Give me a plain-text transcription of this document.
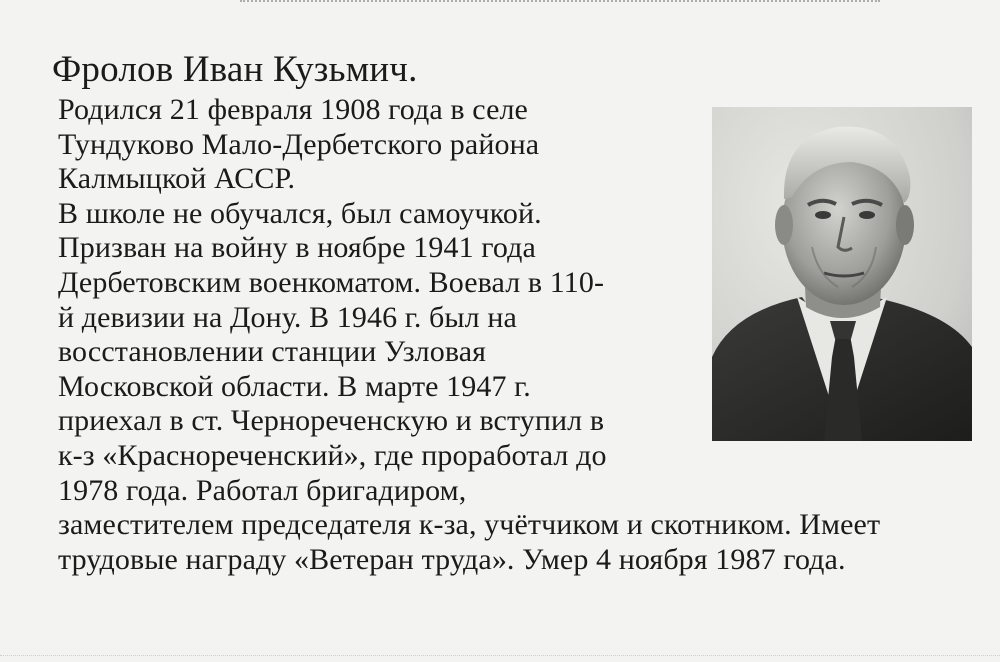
Фролов Иван Кузьмич.
Родился 21 февраля 1908 года в селе
Тундуково Мало-Дербетского района
Калмыцкой АССР.
В школе не обучался, был самоучкой.
Призван на войну в ноябре 1941 года
Дербетовским военкоматом. Воевал в 110-
й девизии на Дону. В 1946 г. был на
восстановлении станции Узловая
Московской области. В марте 1947 г.
приехал в ст. Чернореченскую и вступил в
к-з «Краснореченский», где проработал до
1978 года. Работал бригадиром,
заместителем председателя к-за, учётчиком и скотником. Имеет
трудовые награду «Ветеран труда». Умер 4 ноября 1987 года.
